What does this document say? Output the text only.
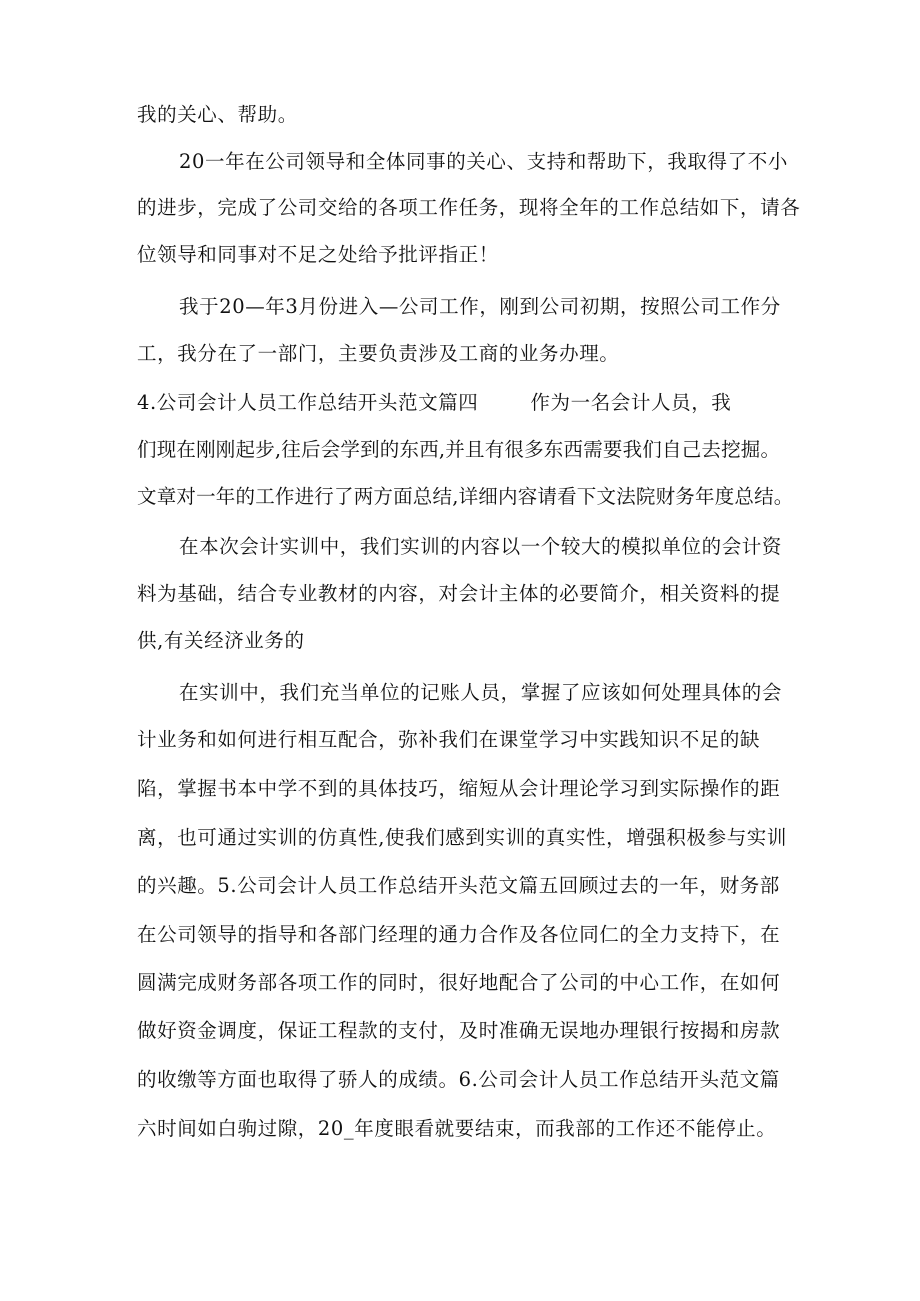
我的关心、帮助。
20一年在公司领导和全体同事的关心、支持和帮助下，我取得了不小
的进步，完成了公司交给的各项工作任务，现将全年的工作总结如下，请各
位领导和同事对不足之处给予批评指正！
我于20—年3月份进入—公司工作，刚到公司初期，按照公司工作分
工，我分在了一部门，主要负责涉及工商的业务办理。
4.公司会计人员工作总结开头范文篇四	作为一名会计人员，我
们现在刚刚起步,往后会学到的东西,并且有很多东西需要我们自己去挖掘。
文章对一年的工作进行了两方面总结,详细内容请看下文法院财务年度总结。
在本次会计实训中，我们实训的内容以一个较大的模拟单位的会计资
料为基础，结合专业教材的内容，对会计主体的必要简介，相关资料的提
供,有关经济业务的
在实训中，我们充当单位的记账人员，掌握了应该如何处理具体的会
计业务和如何进行相互配合，弥补我们在课堂学习中实践知识不足的缺
陷，掌握书本中学不到的具体技巧，缩短从会计理论学习到实际操作的距
离，也可通过实训的仿真性,使我们感到实训的真实性，增强积极参与实训
的兴趣。5.公司会计人员工作总结开头范文篇五回顾过去的一年，财务部
在公司领导的指导和各部门经理的通力合作及各位同仁的全力支持下，在
圆满完成财务部各项工作的同时，很好地配合了公司的中心工作，在如何
做好资金调度，保证工程款的支付，及时准确无误地办理银行按揭和房款
的收缴等方面也取得了骄人的成绩。6.公司会计人员工作总结开头范文篇
六时间如白驹过隙，20_年度眼看就要结束，而我部的工作还不能停止。
